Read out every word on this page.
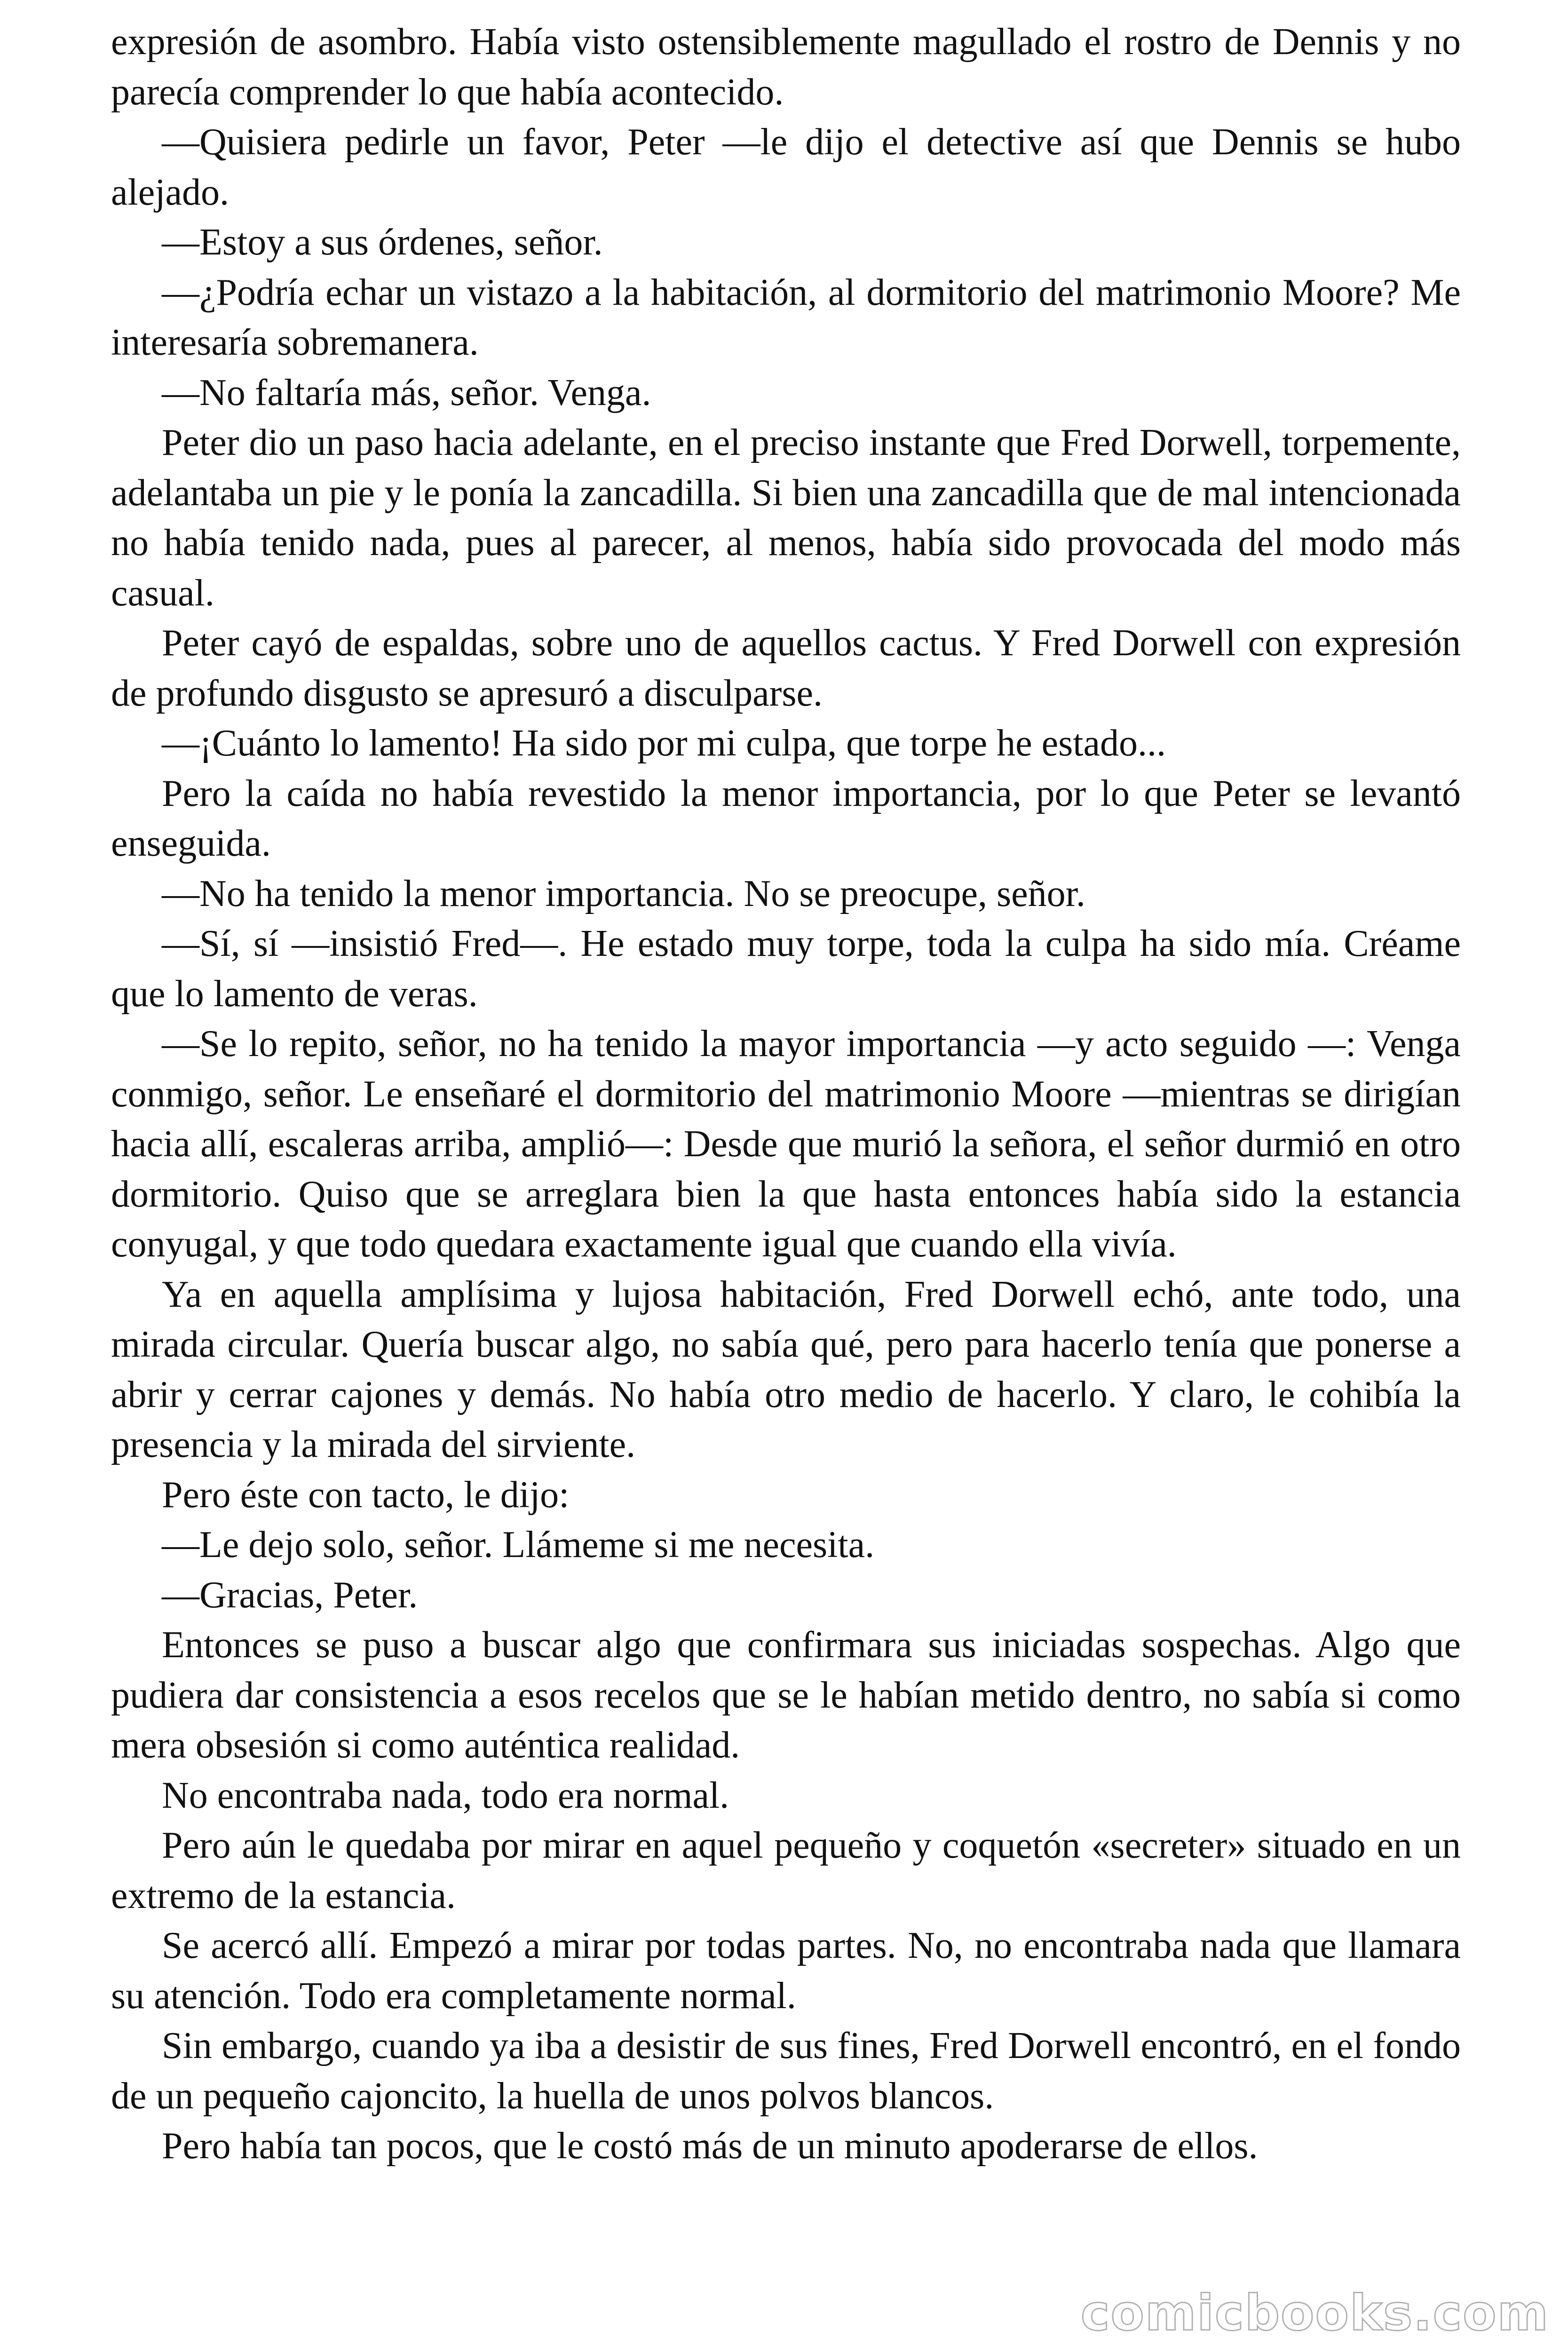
expresión de asombro. Había visto ostensiblemente magullado el rostro de Dennis y no parecía comprender lo que había acontecido.

—Quisiera pedirle un favor, Peter —le dijo el detective así que Dennis se hubo alejado.

—Estoy a sus órdenes, señor.

—¿Podría echar un vistazo a la habitación, al dormitorio del matrimonio Moore? Me interesaría sobremanera.

—No faltaría más, señor. Venga.

Peter dio un paso hacia adelante, en el preciso instante que Fred Dorwell, torpemente, adelantaba un pie y le ponía la zancadilla. Si bien una zancadilla que de mal intencionada no había tenido nada, pues al parecer, al menos, había sido provocada del modo más casual.

Peter cayó de espaldas, sobre uno de aquellos cactus. Y Fred Dorwell con expresión de profundo disgusto se apresuró a disculparse.

—¡Cuánto lo lamento! Ha sido por mi culpa, que torpe he estado...

Pero la caída no había revestido la menor importancia, por lo que Peter se levantó enseguida.

—No ha tenido la menor importancia. No se preocupe, señor.

—Sí, sí —insistió Fred—. He estado muy torpe, toda la culpa ha sido mía. Créame que lo lamento de veras.

—Se lo repito, señor, no ha tenido la mayor importancia —y acto seguido —: Venga conmigo, señor. Le enseñaré el dormitorio del matrimonio Moore —mientras se dirigían hacia allí, escaleras arriba, amplió—: Desde que murió la señora, el señor durmió en otro dormitorio. Quiso que se arreglara bien la que hasta entonces había sido la estancia conyugal, y que todo quedara exactamente igual que cuando ella vivía.

Ya en aquella amplísima y lujosa habitación, Fred Dorwell echó, ante todo, una mirada circular. Quería buscar algo, no sabía qué, pero para hacerlo tenía que ponerse a abrir y cerrar cajones y demás. No había otro medio de hacerlo. Y claro, le cohibía la presencia y la mirada del sirviente.

Pero éste con tacto, le dijo:

—Le dejo solo, señor. Llámeme si me necesita.

—Gracias, Peter.

Entonces se puso a buscar algo que confirmara sus iniciadas sospechas. Algo que pudiera dar consistencia a esos recelos que se le habían metido dentro, no sabía si como mera obsesión si como auténtica realidad.

No encontraba nada, todo era normal.

Pero aún le quedaba por mirar en aquel pequeño y coquetón «secreter» situado en un extremo de la estancia.

Se acercó allí. Empezó a mirar por todas partes. No, no encontraba nada que llamara su atención. Todo era completamente normal.

Sin embargo, cuando ya iba a desistir de sus fines, Fred Dorwell encontró, en el fondo de un pequeño cajoncito, la huella de unos polvos blancos.

Pero había tan pocos, que le costó más de un minuto apoderarse de ellos.

comicbooks.com
